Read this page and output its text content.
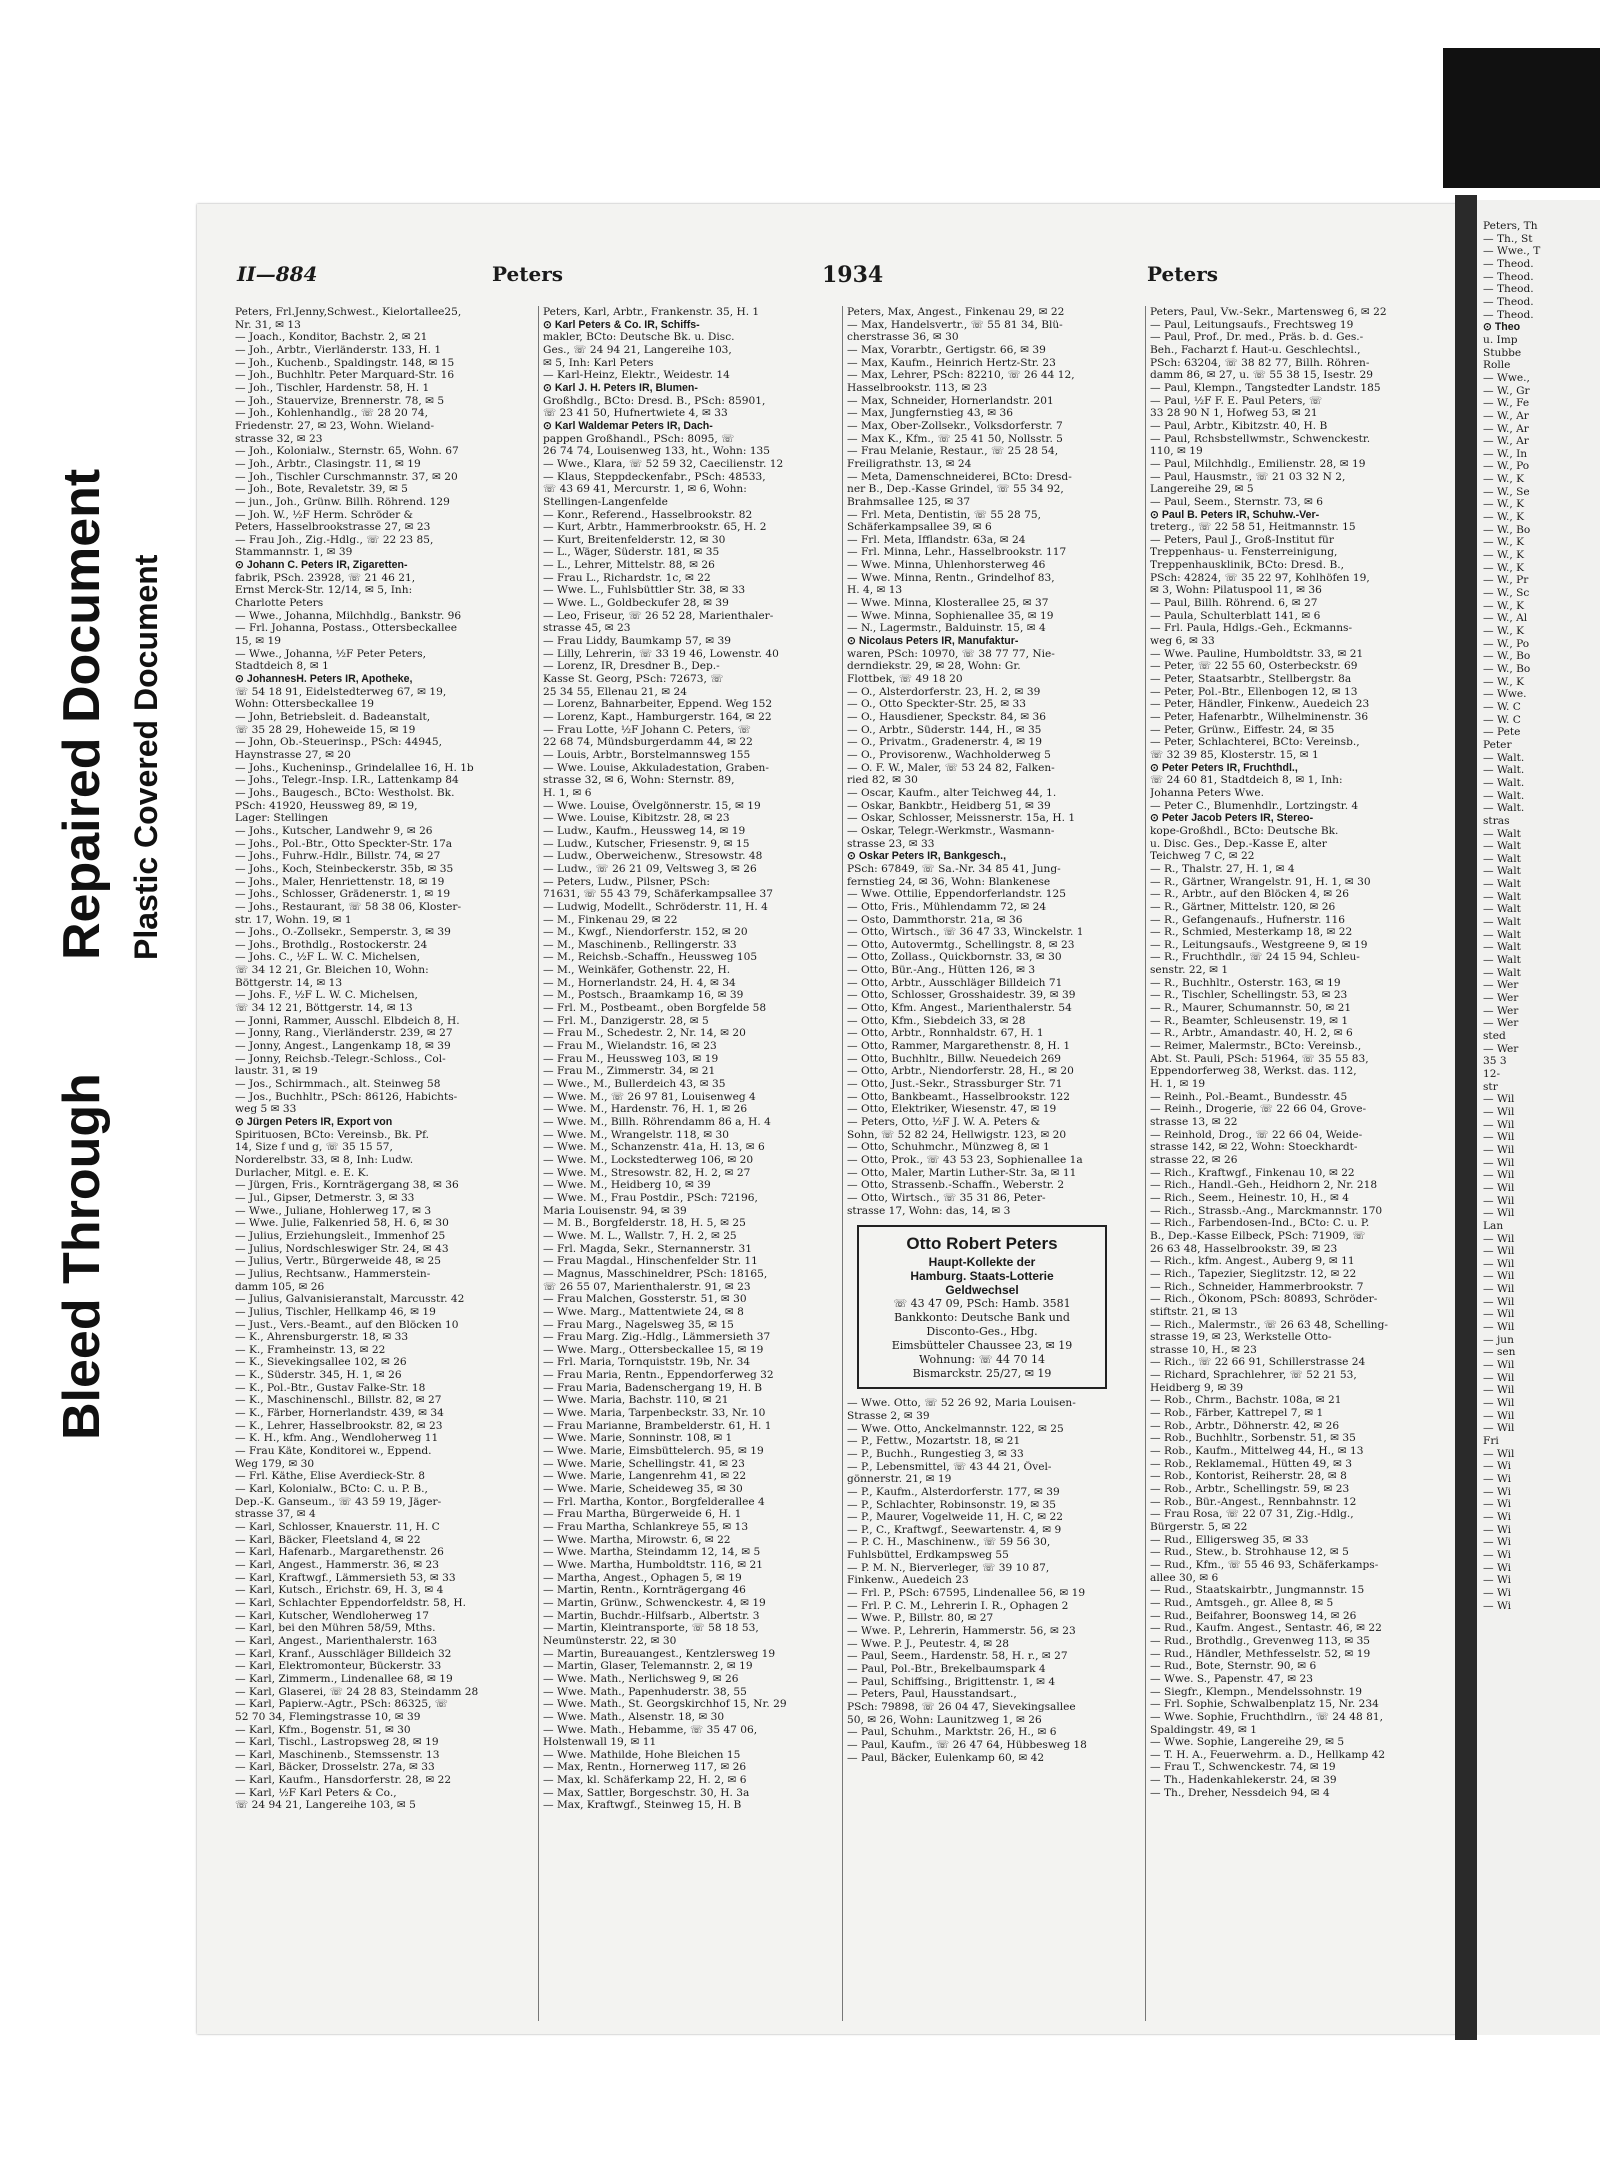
Bleed Through
Repaired Document Plastic Covered Document
II—884	Peters	1934	Peters
Peters, Frl.Jenny,Schwest., Kielortallee25,
Nr. 31, ✉ 13
— Joach., Konditor, Bachstr. 2, ✉ 21
— Joh., Arbtr., Vierländerstr. 133, H. 1
— Joh., Kuchenb., Spaldingstr. 148, ✉ 15
— Joh., Buchhltr. Peter Marquard-Str. 16
— Joh., Tischler, Hardenstr. 58, H. 1
— Joh., Stauervize, Brennerstr. 78, ✉ 5
— Joh., Kohlenhandlg., ☏ 28 20 74,
Friedenstr. 27, ✉ 23, Wohn. Wieland-
strasse 32, ✉ 23
— Joh., Kolonialw., Sternstr. 65, Wohn. 67
— Joh., Arbtr., Clasingstr. 11, ✉ 19
— Joh., Tischler Curschmannstr. 37, ✉ 20
— Joh., Bote, Revaletstr. 39, ✉ 5
— jun., Joh., Grünw. Billh. Röhrend. 129
— Joh. W., ½F Herm. Schröder &
Peters, Hasselbrookstrasse 27, ✉ 23
— Frau Joh., Zig.-Hdlg., ☏ 22 23 85,
Stammannstr. 1, ✉ 39
⊙ Johann C. Peters IR, Zigaretten-
fabrik, PSch. 23928, ☏ 21 46 21,
Ernst Merck-Str. 12/14, ✉ 5, Inh:
Charlotte Peters
— Wwe., Johanna, Milchhdlg., Bankstr. 96
— Frl. Johanna, Postass., Ottersbeckallee
15, ✉ 19
— Wwe., Johanna, ½F Peter Peters,
Stadtdeich 8, ✉ 1
⊙ JohannesH. Peters IR, Apotheke,
☏ 54 18 91, Eidelstedterweg 67, ✉ 19,
Wohn: Ottersbeckallee 19
— John, Betriebsleit. d. Badeanstalt,
☏ 35 28 29, Hoheweide 15, ✉ 19
— John, Ob.-Steuerinsp., PSch: 44945,
Haynstrasse 27, ✉ 20
— Johs., Kucheninsp., Grindelallee 16, H. 1b
— Johs., Telegr.-Insp. I.R., Lattenkamp 84
— Johs., Baugesch., BCto: Westholst. Bk.
PSch: 41920, Heussweg 89, ✉ 19,
Lager: Stellingen
— Johs., Kutscher, Landwehr 9, ✉ 26
— Johs., Pol.-Btr., Otto Speckter-Str. 17a
— Johs., Fuhrw.-Hdlr., Billstr. 74, ✉ 27
— Johs., Koch, Steinbeckerstr. 35b, ✉ 35
— Johs., Maler, Henriettenstr. 18, ✉ 19
— Johs., Schlosser, Grädenerstr. 1, ✉ 19
— Johs., Restaurant, ☏ 58 38 06, Kloster-
str. 17, Wohn. 19, ✉ 1
— Johs., O.-Zollsekr., Semperstr. 3, ✉ 39
— Johs., Brothdlg., Rostockerstr. 24
— Johs. C., ½F L. W. C. Michelsen,
☏ 34 12 21, Gr. Bleichen 10, Wohn:
Böttgerstr. 14, ✉ 13
— Johs. F., ½F L. W. C. Michelsen,
☏ 34 12 21, Böttgerstr. 14, ✉ 13
— Jonni, Rammer, Ausschl. Elbdeich 8, H.
— Jonny, Rang., Vierländerstr. 239, ✉ 27
— Jonny, Angest., Langenkamp 18, ✉ 39
— Jonny, Reichsb.-Telegr.-Schloss., Col-
laustr. 31, ✉ 19
— Jos., Schirmmach., alt. Steinweg 58
— Jos., Buchhltr., PSch: 86126, Habichts-
weg 5 ✉ 33
⊙ Jürgen Peters IR, Export von
Spirituosen, BCto: Vereinsb., Bk. Pf.
14, Size f und g, ☏ 35 15 57,
Norderelbstr. 33, ✉ 8, Inh: Ludw.
Durlacher, Mitgl. e. E. K.
— Jürgen, Fris., Kornträgergang 38, ✉ 36
— Jul., Gipser, Detmerstr. 3, ✉ 33
— Wwe., Juliane, Hohlerweg 17, ✉ 3
— Wwe. Julie, Falkenried 58, H. 6, ✉ 30
— Julius, Erziehungsleit., Immenhof 25
— Julius, Nordschleswiger Str. 24, ✉ 43
— Julius, Vertr., Bürgerweide 48, ✉ 25
— Julius, Rechtsanw., Hammerstein-
damm 105, ✉ 26
— Julius, Galvanisieranstalt, Marcusstr. 42
— Julius, Tischler, Hellkamp 46, ✉ 19
— Just., Vers.-Beamt., auf den Blöcken 10
— K., Ahrensburgerstr. 18, ✉ 33
— K., Framheinstr. 13, ✉ 22
— K., Sievekingsallee 102, ✉ 26
— K., Süderstr. 345, H. 1, ✉ 26
— K., Pol.-Btr., Gustav Falke-Str. 18
— K., Maschinenschl., Billstr. 82, ✉ 27
— K., Färber, Hornerlandstr. 439, ✉ 34
— K., Lehrer, Hasselbrookstr. 82, ✉ 23
— K. H., kfm. Ang., Wendloherweg 11
— Frau Käte, Konditorei w., Eppend.
Weg 179, ✉ 30
— Frl. Käthe, Elise Averdieck-Str. 8
— Karl, Kolonialw., BCto: C. u. P. B.,
Dep.-K. Ganseum., ☏ 43 59 19, Jäger-
strasse 37, ✉ 4
— Karl, Schlosser, Knauerstr. 11, H. C
— Karl, Bäcker, Fleetsland 4, ✉ 22
— Karl, Hafenarb., Margarethenstr. 26
— Karl, Angest., Hammerstr. 36, ✉ 23
— Karl, Kraftwgf., Lämmersieth 53, ✉ 33
— Karl, Kutsch., Erichstr. 69, H. 3, ✉ 4
— Karl, Schlachter Eppendorfeldstr. 58, H.
— Karl, Kutscher, Wendloherweg 17
— Karl, bei den Mühren 58/59, Mths.
— Karl, Angest., Marienthalerstr. 163
— Karl, Kranf., Ausschläger Billdeich 32
— Karl, Elektromonteur, Bückerstr. 33
— Karl, Zimmerm., Lindenallee 68, ✉ 19
— Karl, Glaserei, ☏ 24 28 83, Steindamm 28
— Karl, Papierw.-Agtr., PSch: 86325, ☏
52 70 34, Flemingstrasse 10, ✉ 39
— Karl, Kfm., Bogenstr. 51, ✉ 30
— Karl, Tischl., Lastropsweg 28, ✉ 19
— Karl, Maschinenb., Stemssenstr. 13
— Karl, Bäcker, Drosselstr. 27a, ✉ 33
— Karl, Kaufm., Hansdorferstr. 28, ✉ 22
— Karl, ½F Karl Peters & Co.,
☏ 24 94 21, Langereihe 103, ✉ 5
Peters, Karl, Arbtr., Frankenstr. 35, H. 1
⊙ Karl Peters & Co. IR, Schiffs-
makler, BCto: Deutsche Bk. u. Disc.
Ges., ☏ 24 94 21, Langereihe 103,
✉ 5, Inh: Karl Peters
— Karl-Heinz, Elektr., Weidestr. 14
⊙ Karl J. H. Peters IR, Blumen-
Großhdlg., BCto: Dresd. B., PSch: 85901,
☏ 23 41 50, Hufnertwiete 4, ✉ 33
⊙ Karl Waldemar Peters IR, Dach-
pappen Großhandl., PSch: 8095, ☏
26 74 74, Louisenweg 133, ht., Wohn: 135
— Wwe., Klara, ☏ 52 59 32, Caecilienstr. 12
— Klaus, Steppdeckenfabr., PSch: 48533,
☏ 43 69 41, Mercurstr. 1, ✉ 6, Wohn:
Stellingen-Langenfelde
— Konr., Referend., Hasselbrookstr. 82
— Kurt, Arbtr., Hammerbrookstr. 65, H. 2
— Kurt, Breitenfelderstr. 12, ✉ 30
— L., Wäger, Süderstr. 181, ✉ 35
— L., Lehrer, Mittelstr. 88, ✉ 26
— Frau L., Richardstr. 1c, ✉ 22
— Wwe. L., Fuhlsbüttler Str. 38, ✉ 33
— Wwe. L., Goldbeckufer 28, ✉ 39
— Leo, Friseur, ☏ 26 52 28, Marienthaler-
strasse 45, ✉ 23
— Frau Liddy, Baumkamp 57, ✉ 39
— Lilly, Lehrerin, ☏ 33 19 46, Lowenstr. 40
— Lorenz, IR, Dresdner B., Dep.-
Kasse St. Georg, PSch: 72673, ☏
25 34 55, Ellenau 21, ✉ 24
— Lorenz, Bahnarbeiter, Eppend. Weg 152
— Lorenz, Kapt., Hamburgerstr. 164, ✉ 22
— Frau Lotte, ½F Johann C. Peters, ☏
22 68 74, Mündsburgerdamm 44, ✉ 22
— Louis, Arbtr., Borstelmannsweg 155
— Wwe. Louise, Akkuladestation, Graben-
strasse 32, ✉ 6, Wohn: Sternstr. 89,
H. 1, ✉ 6
— Wwe. Louise, Övelgönnerstr. 15, ✉ 19
— Wwe. Louise, Kibitzstr. 28, ✉ 23
— Ludw., Kaufm., Heussweg 14, ✉ 19
— Ludw., Kutscher, Friesenstr. 9, ✉ 15
— Ludw., Oberweichenw., Stresowstr. 48
— Ludw., ☏ 26 21 09, Veltsweg 3, ✉ 26
— Peters, Ludw., Pilsner, PSch:
71631, ☏ 55 43 79, Schäferkampsallee 37
— Ludwig, Modellt., Schröderstr. 11, H. 4
— M., Finkenau 29, ✉ 22
— M., Kwgf., Niendorferstr. 152, ✉ 20
— M., Maschinenb., Rellingerstr. 33
— M., Reichsb.-Schaffn., Heussweg 105
— M., Weinkäfer, Gothenstr. 22, H.
— M., Hornerlandstr. 24, H. 4, ✉ 34
— M., Postsch., Braamkamp 16, ✉ 39
— Frl. M., Postbeamt., oben Borgfelde 58
— Frl. M., Danzigerstr. 28, ✉ 5
— Frau M., Schedestr. 2, Nr. 14, ✉ 20
— Frau M., Wielandstr. 16, ✉ 23
— Frau M., Heussweg 103, ✉ 19
— Frau M., Zimmerstr. 34, ✉ 21
— Wwe., M., Bullerdeich 43, ✉ 35
— Wwe. M., ☏ 26 97 81, Louisenweg 4
— Wwe. M., Hardenstr. 76, H. 1, ✉ 26
— Wwe. M., Billh. Röhrendamm 86 a, H. 4
— Wwe. M., Wrangelstr. 118, ✉ 30
— Wwe. M., Schanzenstr. 41a, H. 13, ✉ 6
— Wwe. M., Lockstedterweg 106, ✉ 20
— Wwe. M., Stresowstr. 82, H. 2, ✉ 27
— Wwe. M., Heidberg 10, ✉ 39
— Wwe. M., Frau Postdir., PSch: 72196,
Maria Louisenstr. 94, ✉ 39
— M. B., Borgfelderstr. 18, H. 5, ✉ 25
— Wwe. M. L., Wallstr. 7, H. 2, ✉ 25
— Frl. Magda, Sekr., Sternannerstr. 31
— Frau Magdal., Hinschenfelder Str. 11
— Magnus, Masschineldrer, PSch: 18165,
☏ 26 55 07, Marienthalerstr. 91, ✉ 23
— Frau Malchen, Gossterstr. 51, ✉ 30
— Wwe. Marg., Mattentwiete 24, ✉ 8
— Frau Marg., Nagelsweg 35, ✉ 15
— Frau Marg. Zig.-Hdlg., Lämmersieth 37
— Wwe. Marg., Ottersbeckallee 15, ✉ 19
— Frl. Maria, Tornquiststr. 19b, Nr. 34
— Frau Maria, Rentn., Eppendorferweg 32
— Frau Maria, Badenschergang 19, H. B
— Wwe. Maria, Bachstr. 110, ✉ 21
— Wwe. Maria, Tarpenbeckstr. 33, Nr. 10
— Frau Marianne, Brambelderstr. 61, H. 1
— Wwe. Marie, Sonninstr. 108, ✉ 1
— Wwe. Marie, Eimsbüttelerch. 95, ✉ 19
— Wwe. Marie, Schellingstr. 41, ✉ 23
— Wwe. Marie, Langenrehm 41, ✉ 22
— Wwe. Marie, Scheideweg 35, ✉ 30
— Frl. Martha, Kontor., Borgfelderallee 4
— Frau Martha, Bürgerweide 6, H. 1
— Frau Martha, Schlankreye 55, ✉ 13
— Wwe. Martha, Mirowstr. 6, ✉ 22
— Wwe. Martha, Steindamm 12, 14, ✉ 5
— Wwe. Martha, Humboldtstr. 116, ✉ 21
— Martha, Angest., Ophagen 5, ✉ 19
— Martin, Rentn., Kornträgergang 46
— Martin, Grünw., Schwenckestr. 4, ✉ 19
— Martin, Buchdr.-Hilfsarb., Albertstr. 3
— Martin, Kleintransporte, ☏ 58 18 53,
Neumünsterstr. 22, ✉ 30
— Martin, Bureauangest., Kentzlersweg 19
— Martin, Glaser, Telemannstr. 2, ✉ 19
— Wwe. Math., Nerlichsweg 9, ✉ 26
— Wwe. Math., Papenhuderstr. 38, 55
— Wwe. Math., St. Georgskirchhof 15, Nr. 29
— Wwe. Math., Alsenstr. 18, ✉ 30
— Wwe. Math., Hebamme, ☏ 35 47 06,
Holstenwall 19, ✉ 11
— Wwe. Mathilde, Hohe Bleichen 15
— Max, Rentn., Hornerweg 117, ✉ 26
— Max, kl. Schäferkamp 22, H. 2, ✉ 6
— Max, Sattler, Borgeschstr. 30, H. 3a
— Max, Kraftwgf., Steinweg 15, H. B
Peters, Max, Angest., Finkenau 29, ✉ 22
— Max, Handelsvertr., ☏ 55 81 34, Blü-
cherstrasse 36, ✉ 30
— Max, Vorarbtr., Gertigstr. 66, ✉ 39
— Max, Kaufm., Heinrich Hertz-Str. 23
— Max, Lehrer, PSch: 82210, ☏ 26 44 12,
Hasselbrookstr. 113, ✉ 23
— Max, Schneider, Hornerlandstr. 201
— Max, Jungfernstieg 43, ✉ 36
— Max, Ober-Zollsekr., Volksdorferstr. 7
— Max K., Kfm., ☏ 25 41 50, Nollsstr. 5
— Frau Melanie, Restaur., ☏ 25 28 54,
Freiligrathstr. 13, ✉ 24
— Meta, Damenschneiderei, BCto: Dresd-
ner B., Dep.-Kasse Grindel, ☏ 55 34 92,
Brahmsallee 125, ✉ 37
— Frl. Meta, Dentistin, ☏ 55 28 75,
Schäferkampsallee 39, ✉ 6
— Frl. Meta, Ifflandstr. 63a, ✉ 24
— Frl. Minna, Lehr., Hasselbrookstr. 117
— Wwe. Minna, Uhlenhorsterweg 46
— Wwe. Minna, Rentn., Grindelhof 83,
H. 4, ✉ 13
— Wwe. Minna, Klosterallee 25, ✉ 37
— Wwe. Minna, Sophienallee 35, ✉ 19
— N., Lagermstr., Balduinstr. 15, ✉ 4
⊙ Nicolaus Peters IR, Manufaktur-
waren, PSch: 10970, ☏ 38 77 77, Nie-
derndiekstr. 29, ✉ 28, Wohn: Gr.
Flottbek, ☏ 49 18 20
— O., Alsterdorferstr. 23, H. 2, ✉ 39
— O., Otto Speckter-Str. 25, ✉ 33
— O., Hausdiener, Speckstr. 84, ✉ 36
— O., Arbtr., Süderstr. 144, H., ✉ 35
— O., Privatm., Gradenerstr. 4, ✉ 19
— O., Provisorenw., Wachholderweg 5
— O. F. W., Maler, ☏ 53 24 82, Falken-
ried 82, ✉ 30
— Oscar, Kaufm., alter Teichweg 44, 1.
— Oskar, Bankbtr., Heidberg 51, ✉ 39
— Oskar, Schlosser, Meissnerstr. 15a, H. 1
— Oskar, Telegr.-Werkmstr., Wasmann-
strasse 23, ✉ 33
⊙ Oskar Peters IR, Bankgesch.,
PSch: 67849, ☏ Sa.-Nr. 34 85 41, Jung-
fernstieg 24, ✉ 36, Wohn: Blankenese
— Wwe. Ottilie, Eppendorferlandstr. 125
— Otto, Fris., Mühlendamm 72, ✉ 24
— Osto, Dammthorstr. 21a, ✉ 36
— Otto, Wirtsch., ☏ 36 47 33, Winckelstr. 1
— Otto, Autovermtg., Schellingstr. 8, ✉ 23
— Otto, Zollass., Quickbornstr. 33, ✉ 30
— Otto, Bür.-Ang., Hütten 126, ✉ 3
— Otto, Arbtr., Ausschläger Billdeich 71
— Otto, Schlosser, Grosshaidestr. 39, ✉ 39
— Otto, Kfm. Angest., Marienthalerstr. 54
— Otto, Kfm., Siebdeich 33, ✉ 28
— Otto, Arbtr., Ronnhaldstr. 67, H. 1
— Otto, Rammer, Margarethenstr. 8, H. 1
— Otto, Buchhltr., Billw. Neuedeich 269
— Otto, Arbtr., Niendorferstr. 28, H., ✉ 20
— Otto, Just.-Sekr., Strassburger Str. 71
— Otto, Bankbeamt., Hasselbrookstr. 122
— Otto, Elektriker, Wiesenstr. 47, ✉ 19
— Peters, Otto, ½F J. W. A. Peters &
Sohn, ☏ 52 82 24, Hellwigstr. 123, ✉ 20
— Otto, Schuhmchr., Münzweg 8, ✉ 1
— Otto, Prok., ☏ 43 53 23, Sophienallee 1a
— Otto, Maler, Martin Luther-Str. 3a, ✉ 11
— Otto, Strassenb.-Schaffn., Weberstr. 2
— Otto, Wirtsch., ☏ 35 31 86, Peter-
strasse 17, Wohn: das, 14, ✉ 3
Otto Robert Peters
Haupt-Kollekte der
Hamburg. Staats-Lotterie
Geldwechsel
☏ 43 47 09, PSch: Hamb. 3581
Bankkonto: Deutsche Bank und
Disconto-Ges., Hbg.
Eimsbütteler Chaussee 23, ✉ 19
Wohnung: ☏ 44 70 14
Bismarckstr. 25/27, ✉ 19
— Wwe. Otto, ☏ 52 26 92, Maria Louisen-
Strasse 2, ✉ 39
— Wwe. Otto, Anckelmannstr. 122, ✉ 25
— P., Fettw., Mozartstr. 18, ✉ 21
— P., Buchh., Rungestieg 3, ✉ 33
— P., Lebensmittel, ☏ 43 44 21, Övel-
gönnerstr. 21, ✉ 19
— P., Kaufm., Alsterdorferstr. 177, ✉ 39
— P., Schlachter, Robinsonstr. 19, ✉ 35
— P., Maurer, Vogelweide 11, H. C, ✉ 22
— P., C., Kraftwgf., Seewartenstr. 4, ✉ 9
— P. C. H., Maschinenw., ☏ 59 56 30,
Fuhlsbüttel, Erdkampsweg 55
— P. M. N., Bierverleger, ☏ 39 10 87,
Finkenw., Auedeich 23
— Frl. P., PSch: 67595, Lindenallee 56, ✉ 19
— Frl. P. C. M., Lehrerin I. R., Ophagen 2
— Wwe. P., Billstr. 80, ✉ 27
— Wwe. P., Lehrerin, Hammerstr. 56, ✉ 23
— Wwe. P. J., Peutestr. 4, ✉ 28
— Paul, Seem., Hardenstr. 58, H. r., ✉ 27
— Paul, Pol.-Btr., Brekelbaumspark 4
— Paul, Schiffsing., Brigittenstr. 1, ✉ 4
— Peters, Paul, Hausstandsart.,
PSch: 79898, ☏ 26 04 47, Sievekingsallee
50, ✉ 26, Wohn: Launitzweg 1, ✉ 26
— Paul, Schuhm., Marktstr. 26, H., ✉ 6
— Paul, Kaufm., ☏ 26 47 64, Hübbesweg 18
— Paul, Bäcker, Eulenkamp 60, ✉ 42
Peters, Paul, Vw.-Sekr., Martensweg 6, ✉ 22
— Paul, Leitungsaufs., Frechtsweg 19
— Paul, Prof., Dr. med., Präs. b. d. Ges.-
Beh., Facharzt f. Haut-u. Geschlechtsl.,
PSch: 63204, ☏ 38 82 77, Billh. Röhren-
damm 86, ✉ 27, u. ☏ 55 38 15, Isestr. 29
— Paul, Klempn., Tangstedter Landstr. 185
— Paul, ½F F. E. Paul Peters, ☏
33 28 90 N 1, Hofweg 53, ✉ 21
— Paul, Arbtr., Kibitzstr. 40, H. B
— Paul, Rchsbstellwmstr., Schwenckestr.
110, ✉ 19
— Paul, Milchhdlg., Emilienstr. 28, ✉ 19
— Paul, Hausmstr., ☏ 21 03 32 N 2,
Langereihe 29, ✉ 5
— Paul, Seem., Sternstr. 73, ✉ 6
⊙ Paul B. Peters IR, Schuhw.-Ver-
treterg., ☏ 22 58 51, Heitmannstr. 15
— Peters, Paul J., Groß-Institut für
Treppenhaus- u. Fensterreinigung,
Treppenhausklinik, BCto: Dresd. B.,
PSch: 42824, ☏ 35 22 97, Kohlhöfen 19,
✉ 3, Wohn: Pilatuspool 11, ✉ 36
— Paul, Billh. Röhrend. 6, ✉ 27
— Paula, Schulterblatt 141, ✉ 6
— Frl. Paula, Hdlgs.-Geh., Eckmanns-
weg 6, ✉ 33
— Wwe. Pauline, Humboldtstr. 33, ✉ 21
— Peter, ☏ 22 55 60, Osterbeckstr. 69
— Peter, Staatsarbtr., Stellbergstr. 8a
— Peter, Pol.-Btr., Ellenbogen 12, ✉ 13
— Peter, Händler, Finkenw., Auedeich 23
— Peter, Hafenarbtr., Wilhelminenstr. 36
— Peter, Grünw., Eiffestr. 24, ✉ 35
— Peter, Schlachterei, BCto: Vereinsb.,
☏ 32 39 85, Klosterstr. 15, ✉ 1
⊙ Peter Peters IR, Fruchthdl.,
☏ 24 60 81, Stadtdeich 8, ✉ 1, Inh:
Johanna Peters Wwe.
— Peter C., Blumenhdlr., Lortzingstr. 4
⊙ Peter Jacob Peters IR, Stereo-
kope-Großhdl., BCto: Deutsche Bk.
u. Disc. Ges., Dep.-Kasse E, alter
Teichweg 7 C, ✉ 22
— R., Thalstr. 27, H. 1, ✉ 4
— R., Gärtner, Wrangelstr. 91, H. 1, ✉ 30
— R., Arbtr., auf den Blöcken 4, ✉ 26
— R., Gärtner, Mittelstr. 120, ✉ 26
— R., Gefangenaufs., Hufnerstr. 116
— R., Schmied, Mesterkamp 18, ✉ 22
— R., Leitungsaufs., Westgreene 9, ✉ 19
— R., Fruchthdlr., ☏ 24 15 94, Schleu-
senstr. 22, ✉ 1
— R., Buchhltr., Osterstr. 163, ✉ 19
— R., Tischler, Schellingstr. 53, ✉ 23
— R., Maurer, Schumannstr. 50, ✉ 21
— R., Beamter, Schleusenstr. 19, ✉ 1
— R., Arbtr., Amandastr. 40, H. 2, ✉ 6
— Reimer, Malermstr., BCto: Vereinsb.,
Abt. St. Pauli, PSch: 51964, ☏ 35 55 83,
Eppendorferweg 38, Werkst. das. 112,
H. 1, ✉ 19
— Reinh., Pol.-Beamt., Bundesstr. 45
— Reinh., Drogerie, ☏ 22 66 04, Grove-
strasse 13, ✉ 22
— Reinhold, Drog., ☏ 22 66 04, Weide-
strasse 142, ✉ 22, Wohn: Stoeckhardt-
strasse 22, ✉ 26
— Rich., Kraftwgf., Finkenau 10, ✉ 22
— Rich., Handl.-Geh., Heidhorn 2, Nr. 218
— Rich., Seem., Heinestr. 10, H., ✉ 4
— Rich., Strassb.-Ang., Marckmannstr. 170
— Rich., Farbendosen-Ind., BCto: C. u. P.
B., Dep.-Kasse Eilbeck, PSch: 71909, ☏
26 63 48, Hasselbrookstr. 39, ✉ 23
— Rich., kfm. Angest., Auberg 9, ✉ 11
— Rich., Tapezier, Sieglitzstr. 12, ✉ 22
— Rich., Schneider, Hammerbrookstr. 7
— Rich., Ökonom, PSch: 80893, Schröder-
stiftstr. 21, ✉ 13
— Rich., Malermstr., ☏ 26 63 48, Schelling-
strasse 19, ✉ 23, Werkstelle Otto-
strasse 10, H., ✉ 23
— Rich., ☏ 22 66 91, Schillerstrasse 24
— Richard, Sprachlehrer, ☏ 52 21 53,
Heidberg 9, ✉ 39
— Rob., Chrm., Bachstr. 108a, ✉ 21
— Rob., Färber, Kattrepel 7, ✉ 1
— Rob., Arbtr., Döhnerstr. 42, ✉ 26
— Rob., Buchhltr., Sorbenstr. 51, ✉ 35
— Rob., Kaufm., Mittelweg 44, H., ✉ 13
— Rob., Reklamemal., Hütten 49, ✉ 3
— Rob., Kontorist, Reiherstr. 28, ✉ 8
— Rob., Arbtr., Schellingstr. 59, ✉ 23
— Rob., Bür.-Angest., Rennbahnstr. 12
— Frau Rosa, ☏ 22 07 31, Zig.-Hdlg.,
Bürgerstr. 5, ✉ 22
— Rud., Elligersweg 35, ✉ 33
— Rud., Stew., b. Strohhause 12, ✉ 5
— Rud., Kfm., ☏ 55 46 93, Schäferkamps-
allee 30, ✉ 6
— Rud., Staatskairbtr., Jungmannstr. 15
— Rud., Amtsgeh., gr. Allee 8, ✉ 5
— Rud., Beifahrer, Boonsweg 14, ✉ 26
— Rud., Kaufm. Angest., Sentastr. 46, ✉ 22
— Rud., Brothdlg., Grevenweg 113, ✉ 35
— Rud., Händler, Methfesselstr. 52, ✉ 19
— Rud., Bote, Sternstr. 90, ✉ 6
— Wwe. S., Papenstr. 47, ✉ 23
— Siegfr., Klempn., Mendelssohnstr. 19
— Frl. Sophie, Schwalbenplatz 15, Nr. 234
— Wwe. Sophie, Fruchthdlrn., ☏ 24 48 81,
Spaldingstr. 49, ✉ 1
— Wwe. Sophie, Langereihe 29, ✉ 5
— T. H. A., Feuerwehrm. a. D., Hellkamp 42
— Frau T., Schwenckestr. 74, ✉ 19
— Th., Hadenkahlekerstr. 24, ✉ 39
— Th., Dreher, Nessdeich 94, ✉ 4
Peters, Th
— Th., St
— Wwe., T
— Theod.
— Theod.
— Theod.
— Theod.
— Theod.
⊙ Theo
u. Imp
Stubbe
Rolle
— Wwe.,
— W., Gr
— W., Fe
— W., Ar
— W., Ar
— W., Ar
— W., In
— W., Po
— W., K
— W., Se
— W., K
— W., K
— W., Bo
— W., K
— W., K
— W., K
— W., Pr
— W., Sc
— W., K
— W., Al
— W., K
— W., Po
— W., Bo
— W., Bo
— W., K
— Wwe.
— W. C
— W. C
— Pete
Peter
— Walt.
— Walt.
— Walt.
— Walt.
— Walt.
stras
— Walt
— Walt
— Walt
— Walt
— Walt
— Walt
— Walt
— Walt
— Walt
— Walt
— Walt
— Walt
— Wer
— Wer
— Wer
— Wer
sted
— Wer
35 3
12-
str
— Wil
— Wil
— Wil
— Wil
— Wil
— Wil
— Wil
— Wil
— Wil
— Wil
Lan
— Wil
— Wil
— Wil
— Wil
— Wil
— Wil
— Wil
— Wil
— jun
— sen
— Wil
— Wil
— Wil
— Wil
— Wil
— Wil
Fri
— Wil
— Wi
— Wi
— Wi
— Wi
— Wi
— Wi
— Wi
— Wi
— Wi
— Wi
— Wi
— Wi
